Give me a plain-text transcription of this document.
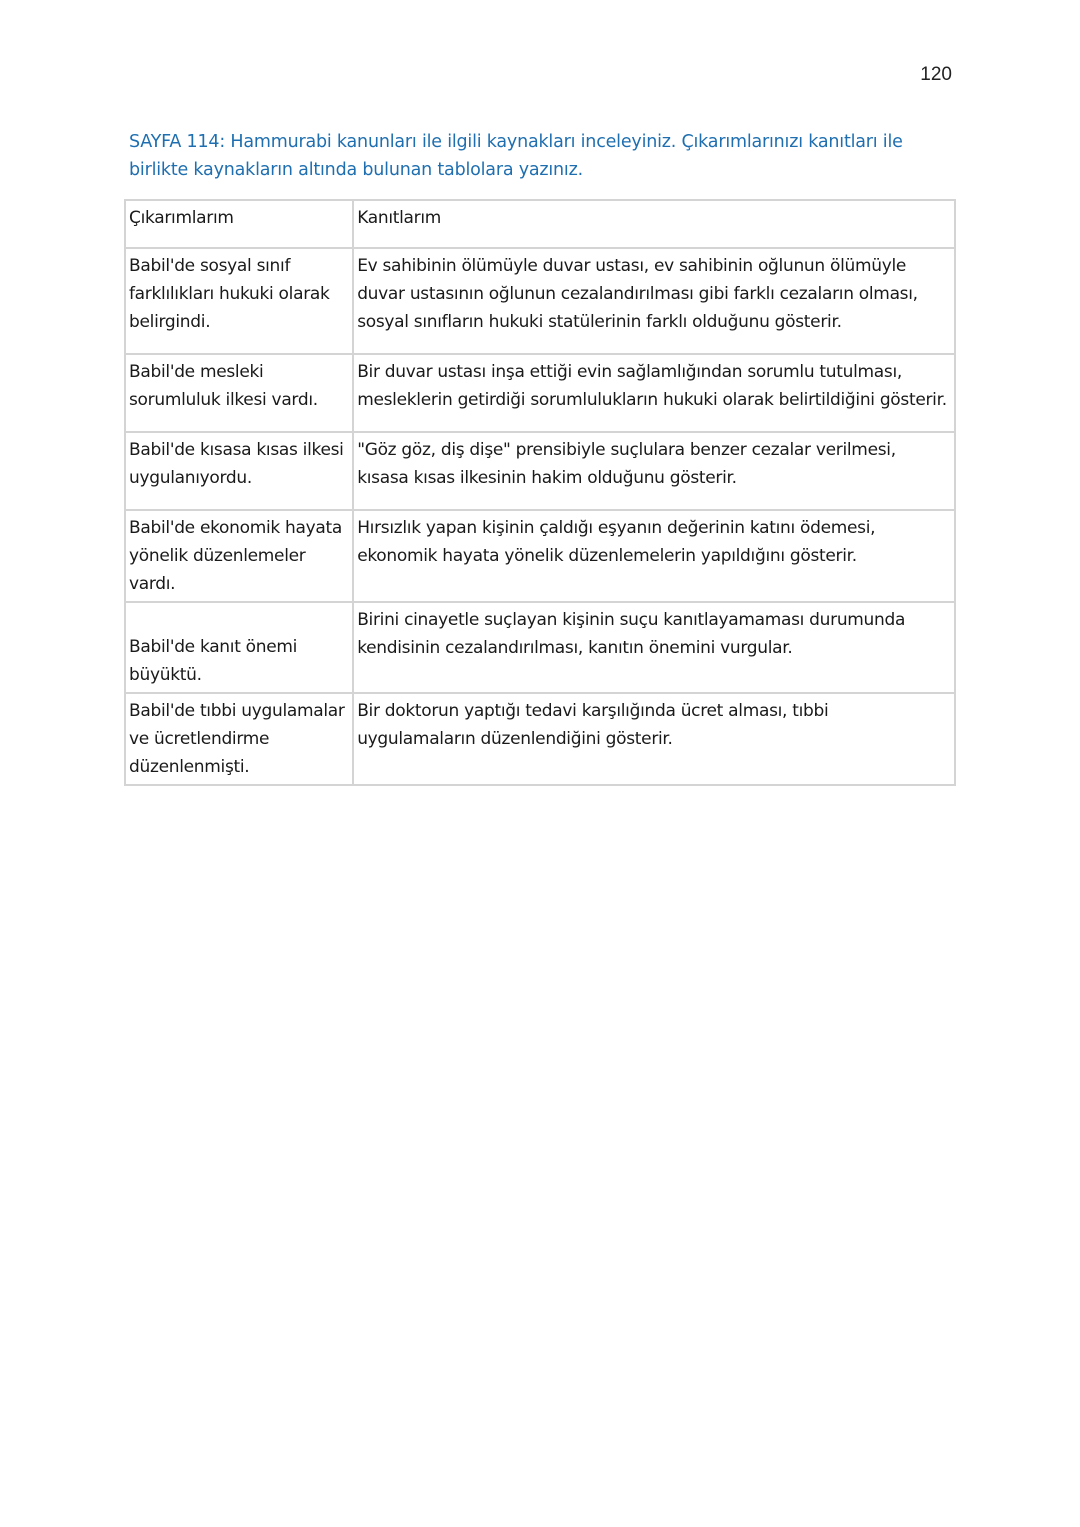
120
SAYFA 114: Hammurabi kanunları ile ilgili kaynakları inceleyiniz. Çıkarımlarınızı kanıtları ile birlikte kaynakların altında bulunan tablolara yazınız.
Çıkarımlarım	Kanıtlarım
Babil'de sosyal sınıf farklılıkları hukuki olarak belirgindi.	Ev sahibinin ölümüyle duvar ustası, ev sahibinin oğlunun ölümüyle duvar ustasının oğlunun cezalandırılması gibi farklı cezaların olması, sosyal sınıfların hukuki statülerinin farklı olduğunu gösterir.
Babil'de mesleki sorumluluk ilkesi vardı.	Bir duvar ustası inşa ettiği evin sağlamlığından sorumlu tutulması, mesleklerin getirdiği sorumlulukların hukuki olarak belirtildiğini gösterir.
Babil'de kısasa kısas ilkesi uygulanıyordu.	"Göz göz, diş dişe" prensibiyle suçlulara benzer cezalar verilmesi, kısasa kısas ilkesinin hakim olduğunu gösterir.
Babil'de ekonomik hayata yönelik düzenlemeler vardı.	Hırsızlık yapan kişinin çaldığı eşyanın değerinin katını ödemesi, ekonomik hayata yönelik düzenlemelerin yapıldığını gösterir.
Babil'de kanıt önemi büyüktü.	Birini cinayetle suçlayan kişinin suçu kanıtlayamaması durumunda kendisinin cezalandırılması, kanıtın önemini vurgular.
Babil'de tıbbi uygulamalar ve ücretlendirme düzenlenmişti.	Bir doktorun yaptığı tedavi karşılığında ücret alması, tıbbi uygulamaların düzenlendiğini gösterir.
